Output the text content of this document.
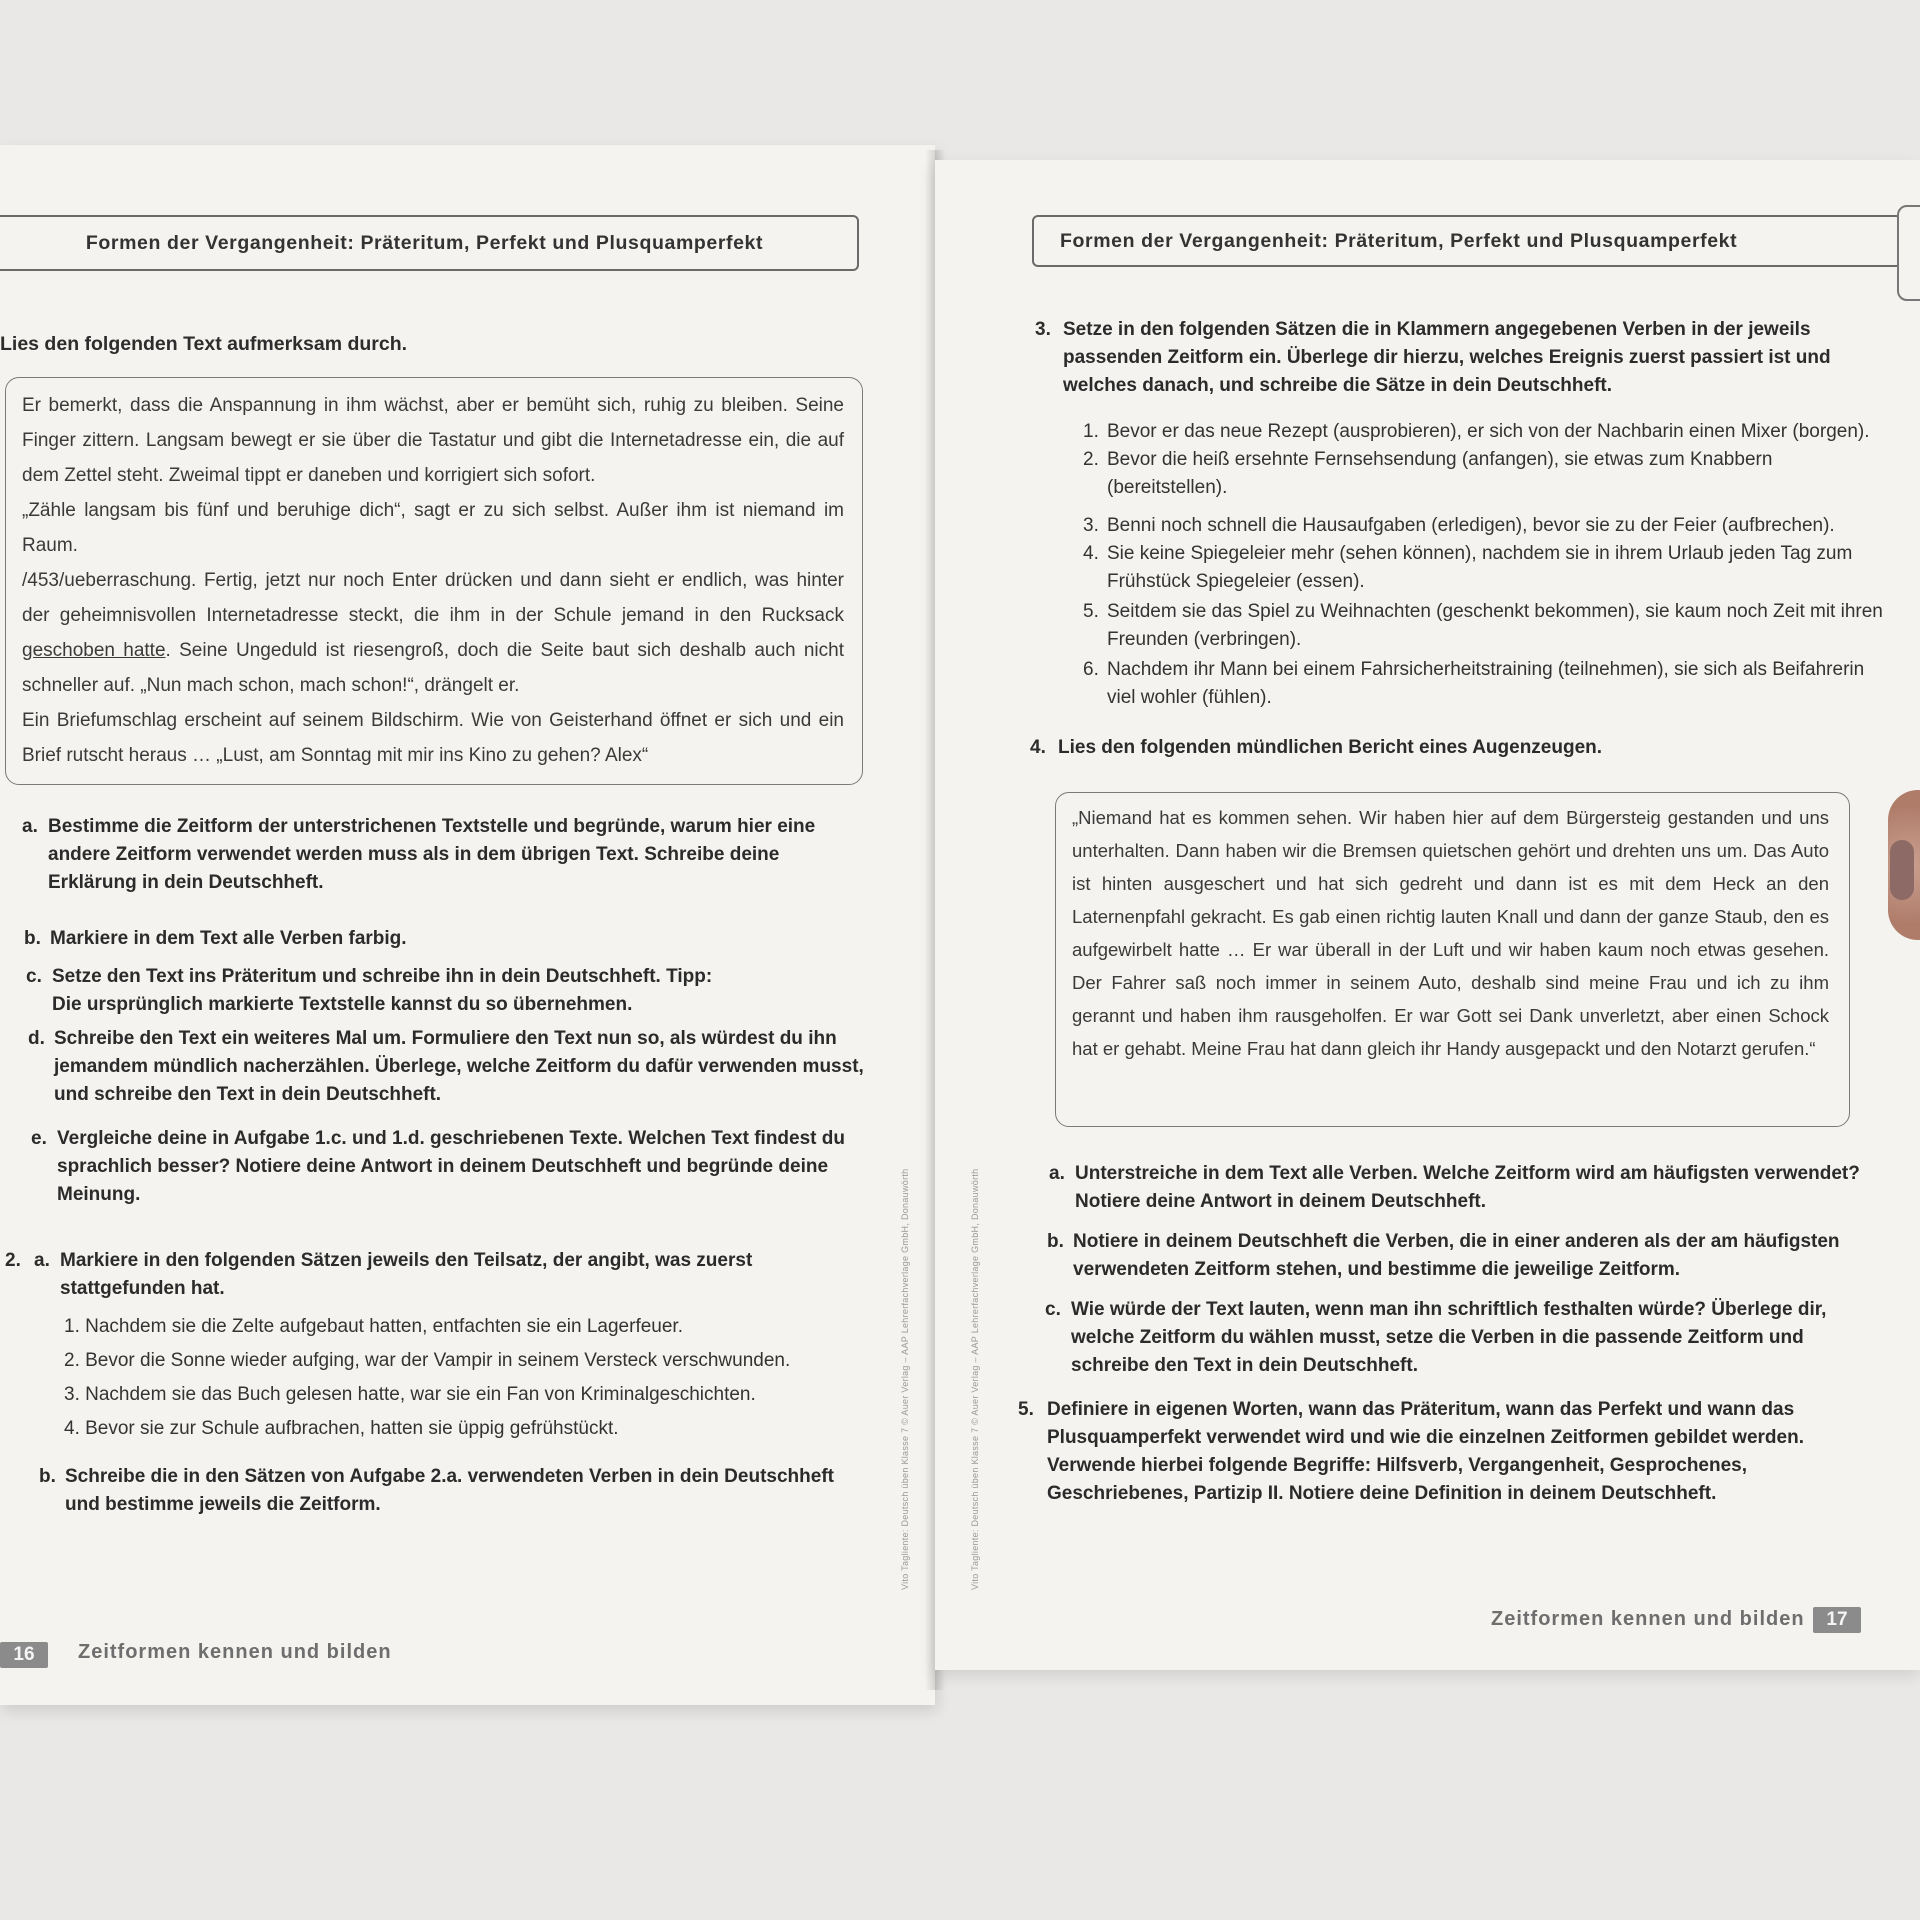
Formen der Vergangenheit: Präteritum, Perfekt und Plusquamperfekt
Lies den folgenden Text aufmerksam durch.

Er bemerkt, dass die Anspannung in ihm wächst, aber er bemüht sich, ruhig zu bleiben. Seine Finger zittern. Langsam bewegt er sie über die Tastatur und gibt die Internetadresse ein, die auf dem Zettel steht. Zweimal tippt er daneben und korrigiert sich sofort.

„Zähle langsam bis fünf und beruhige dich“, sagt er zu sich selbst. Außer ihm ist niemand im Raum.

/453/ueberraschung. Fertig, jetzt nur noch Enter drücken und dann sieht er endlich, was hinter der geheimnisvollen Internetadresse steckt, die ihm in der Schule jemand in den Rucksack geschoben hatte. Seine Ungeduld ist riesengroß, doch die Seite baut sich deshalb auch nicht schneller auf. „Nun mach schon, mach schon!“, drängelt er.

Ein Briefumschlag erscheint auf seinem Bildschirm. Wie von Geisterhand öffnet er sich und ein Brief rutscht heraus … „Lust, am Sonntag mit mir ins Kino zu gehen? Alex“

a. Bestimme die Zeitform der unterstrichenen Textstelle und begründe, warum hier eine andere Zeitform verwendet werden muss als in dem übrigen Text. Schreibe deine Erklärung in dein Deutschheft.
b. Markiere in dem Text alle Verben farbig.
c. Setze den Text ins Präteritum und schreibe ihn in dein Deutschheft. Tipp: Die ursprünglich markierte Textstelle kannst du so übernehmen.
d. Schreibe den Text ein weiteres Mal um. Formuliere den Text nun so, als würdest du ihn jemandem mündlich nacherzählen. Überlege, welche Zeitform du dafür verwenden musst, und schreibe den Text in dein Deutschheft.
e. Vergleiche deine in Aufgabe 1.c. und 1.d. geschriebenen Texte. Welchen Text findest du sprachlich besser? Notiere deine Antwort in deinem Deutschheft und begründe deine Meinung.
2. a. Markiere in den folgenden Sätzen jeweils den Teilsatz, der angibt, was zuerst stattgefunden hat.
1. Nachdem sie die Zelte aufgebaut hatten, entfachten sie ein Lagerfeuer.
2. Bevor die Sonne wieder aufging, war der Vampir in seinem Versteck verschwunden.
3. Nachdem sie das Buch gelesen hatte, war sie ein Fan von Kriminalgeschichten.
4. Bevor sie zur Schule aufbrachen, hatten sie üppig gefrühstückt.
b. Schreibe die in den Sätzen von Aufgabe 2.a. verwendeten Verben in dein Deutschheft und bestimme jeweils die Zeitform.	Vito Tagliente: Deutsch üben Klasse 7 © Auer Verlag – AAP Lehrerfachverlage GmbH, Donauwörth
16	Zeitformen kennen und bilden
Formen der Vergangenheit: Präteritum, Perfekt und Plusquamperfekt
3. Setze in den folgenden Sätzen die in Klammern angegebenen Verben in der jeweils passenden Zeitform ein. Überlege dir hierzu, welches Ereignis zuerst passiert ist und welches danach, und schreibe die Sätze in dein Deutschheft.
1. Bevor er das neue Rezept (ausprobieren), er sich von der Nachbarin einen Mixer (borgen).
2. Bevor die heiß ersehnte Fernsehsendung (anfangen), sie etwas zum Knabbern (bereitstellen).
3. Benni noch schnell die Hausaufgaben (erledigen), bevor sie zu der Feier (aufbrechen).
4. Sie keine Spiegeleier mehr (sehen können), nachdem sie in ihrem Urlaub jeden Tag zum Frühstück Spiegeleier (essen).
5. Seitdem sie das Spiel zu Weihnachten (geschenkt bekommen), sie kaum noch Zeit mit ihren Freunden (verbringen).
6. Nachdem ihr Mann bei einem Fahrsicherheitstraining (teilnehmen), sie sich als Beifahrerin viel wohler (fühlen).
4. Lies den folgenden mündlichen Bericht eines Augenzeugen.

„Niemand hat es kommen sehen. Wir haben hier auf dem Bürgersteig gestanden und uns unterhalten. Dann haben wir die Bremsen quietschen gehört und drehten uns um. Das Auto ist hinten ausgeschert und hat sich gedreht und dann ist es mit dem Heck an den Laternenpfahl gekracht. Es gab einen richtig lauten Knall und dann der ganze Staub, den es aufgewirbelt hatte … Er war überall in der Luft und wir haben kaum noch etwas gesehen. Der Fahrer saß noch immer in seinem Auto, deshalb sind meine Frau und ich zu ihm gerannt und haben ihm rausgeholfen. Er war Gott sei Dank unverletzt, aber einen Schock hat er gehabt. Meine Frau hat dann gleich ihr Handy ausgepackt und den Notarzt gerufen.“

a. Unterstreiche in dem Text alle Verben. Welche Zeitform wird am häufigsten verwendet? Notiere deine Antwort in deinem Deutschheft.
b. Notiere in deinem Deutschheft die Verben, die in einer anderen als der am häufigsten verwendeten Zeitform stehen, und bestimme die jeweilige Zeitform.
c. Wie würde der Text lauten, wenn man ihn schriftlich festhalten würde? Überlege dir, welche Zeitform du wählen musst, setze die Verben in die passende Zeitform und schreibe den Text in dein Deutschheft.
5. Definiere in eigenen Worten, wann das Präteritum, wann das Perfekt und wann das Plusquamperfekt verwendet wird und wie die einzelnen Zeitformen gebildet werden. Verwende hierbei folgende Begriffe: Hilfsverb, Vergangenheit, Gesprochenes, Geschriebenes, Partizip II. Notiere deine Definition in deinem Deutschheft.
Vito Tagliente: Deutsch üben Klasse 7 © Auer Verlag – AAP Lehrerfachverlage GmbH, Donauwörth
Zeitformen kennen und bilden	17
